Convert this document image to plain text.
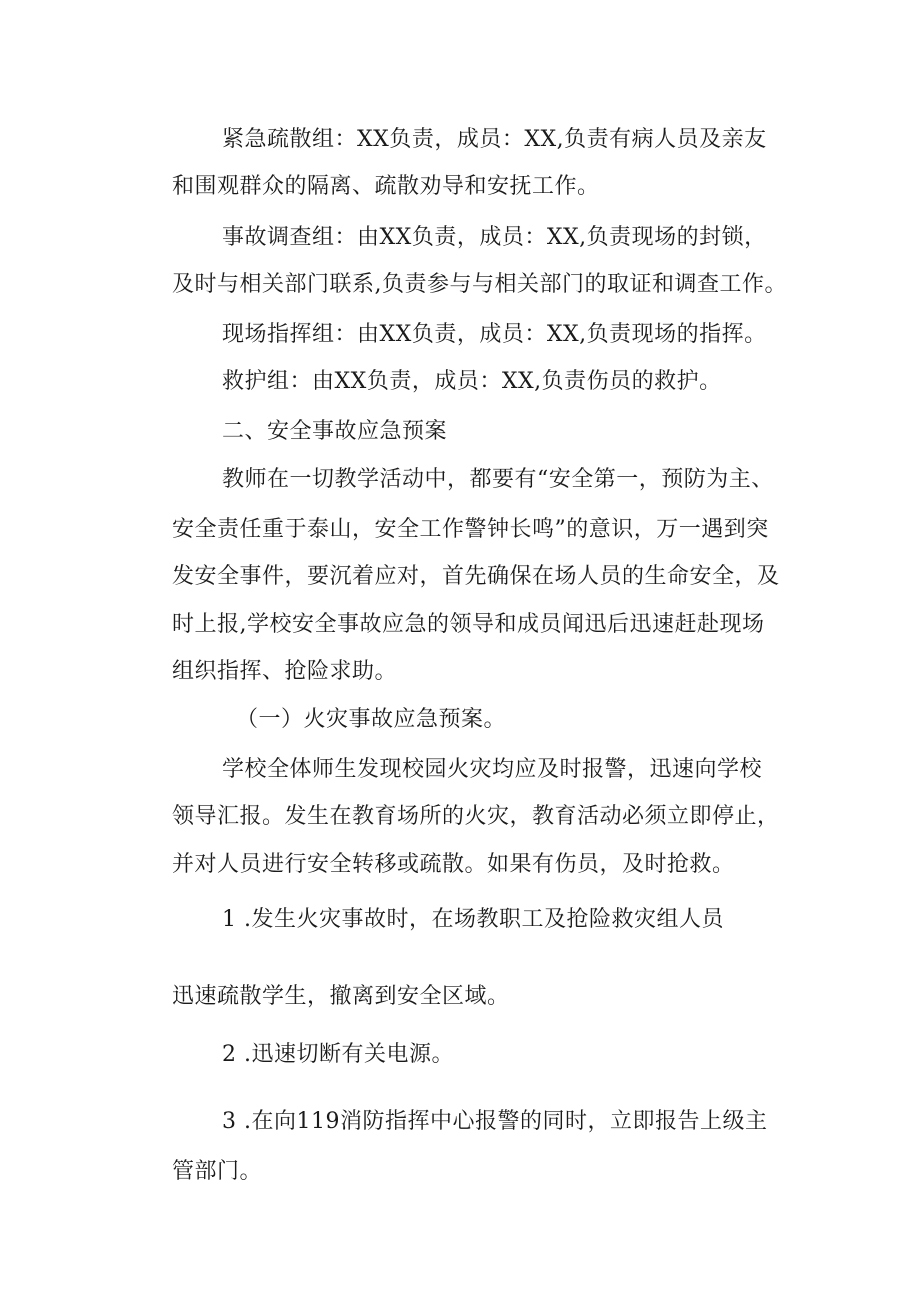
紧急疏散组：XX负责，成员：XX,负责有病人员及亲友
和围观群众的隔离、疏散劝导和安抚工作。
事故调查组：由XX负责，成员：XX,负责现场的封锁，
及时与相关部门联系,负责参与与相关部门的取证和调查工作。
现场指挥组：由XX负责，成员：XX,负责现场的指挥。
救护组：由XX负责，成员：XX,负责伤员的救护。
二、安全事故应急预案
教师在一切教学活动中，都要有“安全第一，预防为主、
安全责任重于泰山，安全工作警钟长鸣”的意识，万一遇到突
发安全事件，要沉着应对，首先确保在场人员的生命安全，及
时上报,学校安全事故应急的领导和成员闻迅后迅速赶赴现场
组织指挥、抢险求助。
（一）火灾事故应急预案。
学校全体师生发现校园火灾均应及时报警，迅速向学校
领导汇报。发生在教育场所的火灾，教育活动必须立即停止，
并对人员进行安全转移或疏散。如果有伤员，及时抢救。
1 .发生火灾事故时，在场教职工及抢险救灾组人员
迅速疏散学生，撤离到安全区域。
2 .迅速切断有关电源。
3 .在向119消防指挥中心报警的同时，立即报告上级主
管部门。
